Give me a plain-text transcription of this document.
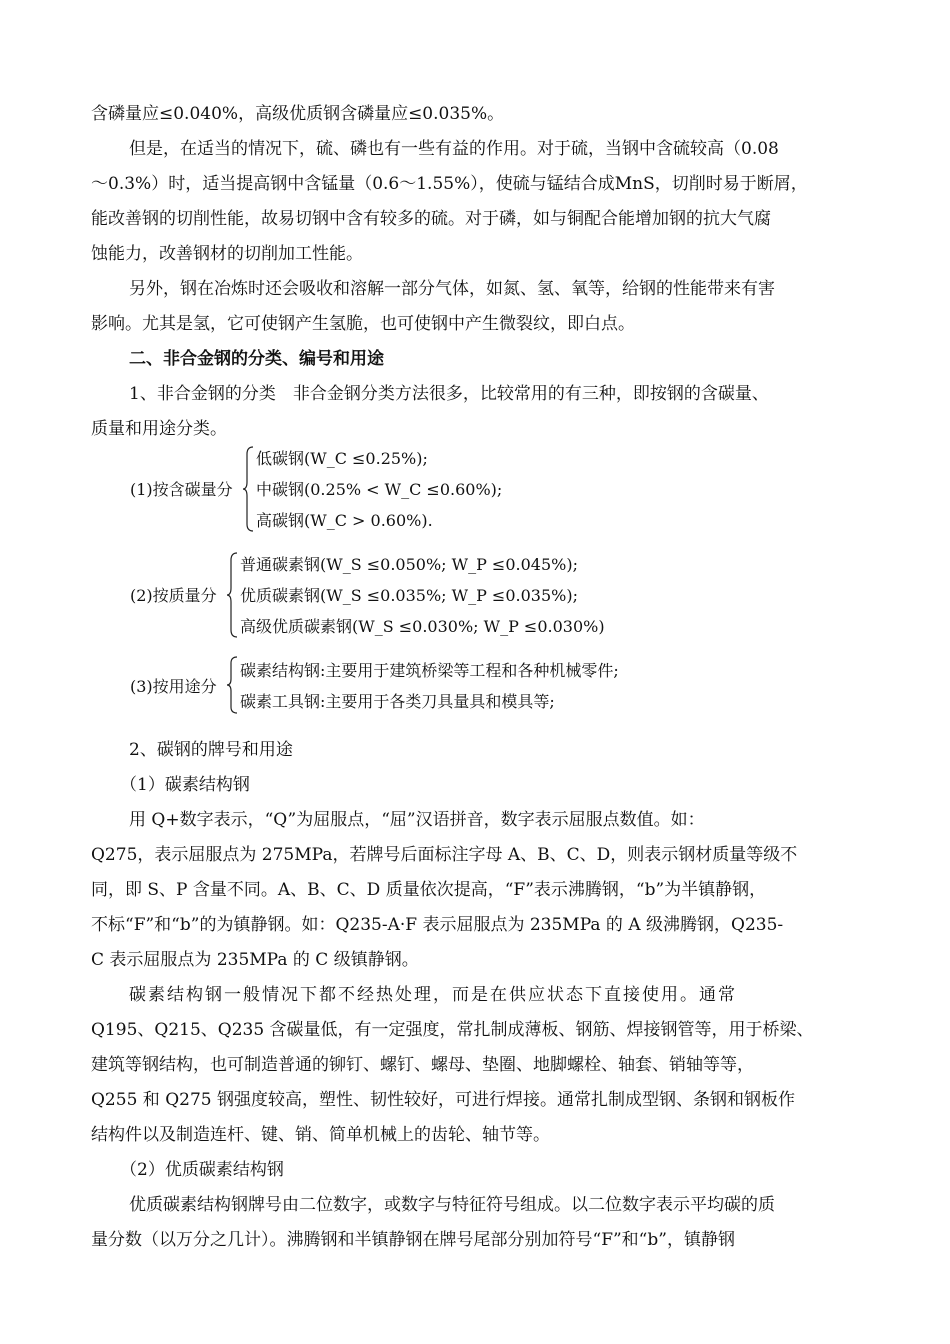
含磷量应≤0.040%，高级优质钢含磷量应≤0.035%。
但是，在适当的情况下，硫、磷也有一些有益的作用。对于硫，当钢中含硫较高（0.08
～0.3%）时，适当提高钢中含锰量（0.6～1.55%），使硫与锰结合成MnS，切削时易于断屑，
能改善钢的切削性能，故易切钢中含有较多的硫。对于磷，如与铜配合能增加钢的抗大气腐
蚀能力，改善钢材的切削加工性能。
另外，钢在冶炼时还会吸收和溶解一部分气体，如氮、氢、氧等，给钢的性能带来有害
影响。尤其是氢，它可使钢产生氢脆，也可使钢中产生微裂纹，即白点。
二、非合金钢的分类、编号和用途
1、非合金钢的分类　非合金钢分类方法很多，比较常用的有三种，即按钢的含碳量、
质量和用途分类。
(1)按含碳量分
低碳钢(W_C ≤0.25%);
中碳钢(0.25% < W_C ≤0.60%);
高碳钢(W_C > 0.60%).
(2)按质量分
普通碳素钢(W_S ≤0.050%; W_P ≤0.045%);
优质碳素钢(W_S ≤0.035%; W_P ≤0.035%);
高级优质碳素钢(W_S ≤0.030%; W_P ≤0.030%)
(3)按用途分
碳素结构钢:主要用于建筑桥梁等工程和各种机械零件;
碳素工具钢:主要用于各类刀具量具和模具等;
2、碳钢的牌号和用途
（1）碳素结构钢
用 Q+数字表示，“Q”为屈服点，“屈”汉语拼音，数字表示屈服点数值。如：
Q275，表示屈服点为 275MPa，若牌号后面标注字母 A、B、C、D，则表示钢材质量等级不
同，即 S、P 含量不同。A、B、C、D 质量依次提高，“F”表示沸腾钢，“b”为半镇静钢，
不标“F”和“b”的为镇静钢。如：Q235-A·F 表示屈服点为 235MPa 的 A 级沸腾钢，Q235-
C 表示屈服点为 235MPa 的 C 级镇静钢。
碳素结构钢一般情况下都不经热处理，而是在供应状态下直接使用。通常
Q195、Q215、Q235 含碳量低，有一定强度，常扎制成薄板、钢筋、焊接钢管等，用于桥梁、
建筑等钢结构，也可制造普通的铆钉、螺钉、螺母、垫圈、地脚螺栓、轴套、销轴等等，
Q255 和 Q275 钢强度较高，塑性、韧性较好，可进行焊接。通常扎制成型钢、条钢和钢板作
结构件以及制造连杆、键、销、简单机械上的齿轮、轴节等。
（2）优质碳素结构钢
优质碳素结构钢牌号由二位数字，或数字与特征符号组成。以二位数字表示平均碳的质
量分数（以万分之几计）。沸腾钢和半镇静钢在牌号尾部分别加符号“F”和“b”，镇静钢
